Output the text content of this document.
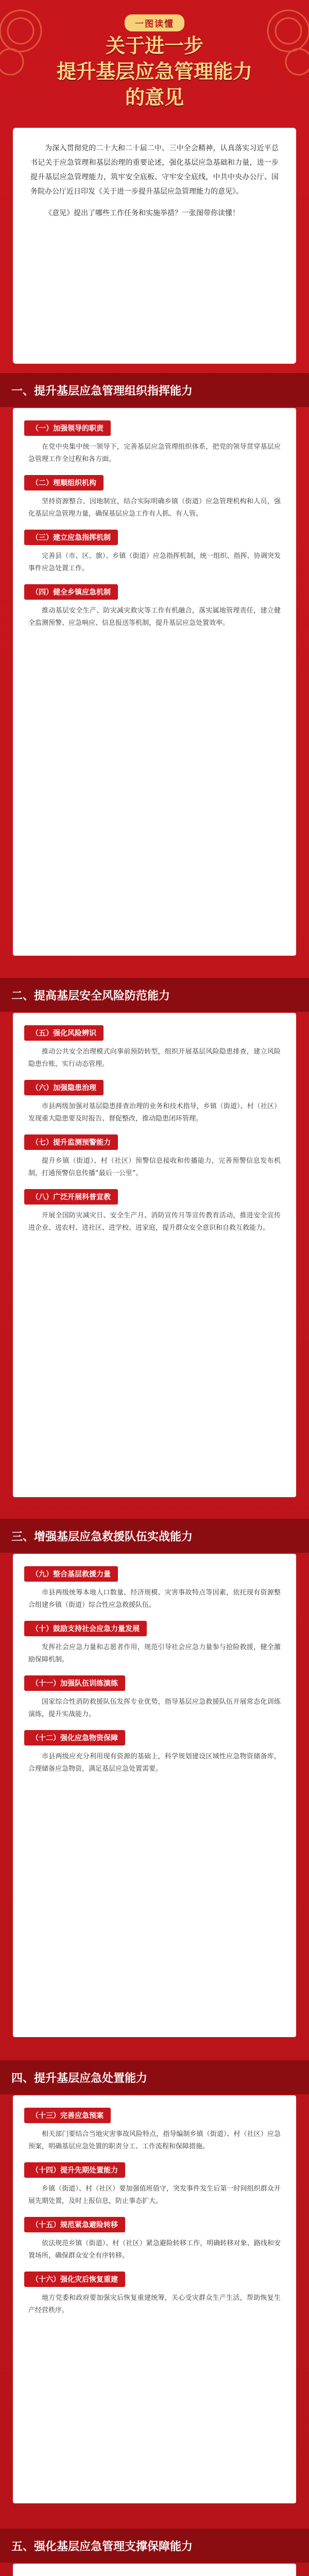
一图读懂
关于进一步
提升基层应急管理能力
的意见

为深入贯彻党的二十大和二十届二中、三中全会精神，认真落实习近平总书记关于应急管理和基层治理的重要论述，强化基层应急基础和力量，进一步提升基层应急管理能力，筑牢安全底板、守牢安全底线，中共中央办公厅、国务院办公厅近日印发《关于进一步提升基层应急管理能力的意见》。

《意见》提出了哪些工作任务和实施举措？一张图带你读懂！

一、提升基层应急管理组织指挥能力
（一）加强领导的职责

在党中央集中统一领导下，完善基层应急管理组织体系，把党的领导贯穿基层应急管理工作全过程和各方面。

（二）理顺组织机构

坚持资源整合、因地制宜，结合实际明确乡镇（街道）应急管理机构和人员，强化基层应急管理力量，确保基层应急工作有人抓、有人管。

（三）建立应急指挥机制

完善县（市、区、旗）、乡镇（街道）应急指挥机制，统一组织、指挥、协调突发事件应急处置工作。

（四）健全乡镇应急机制

推动基层安全生产、防灾减灾救灾等工作有机融合，落实属地管理责任，建立健全监测预警、应急响应、信息报送等机制，提升基层应急处置效率。

二、提高基层安全风险防范能力
（五）强化风险辨识

推动公共安全治理模式向事前预防转型，组织开展基层风险隐患排查，建立风险隐患台账，实行动态管理。

（六）加强隐患治理

市县两级加强对基层隐患排查治理的业务和技术指导，乡镇（街道）、村（社区）发现重大隐患要及时报告、督促整改，推动隐患闭环管理。

（七）提升监测预警能力

提升乡镇（街道）、村（社区）预警信息接收和传播能力，完善预警信息发布机制，打通预警信息传播“最后一公里”。

（八）广泛开展科普宣教

开展全国防灾减灾日、安全生产月、消防宣传月等宣传教育活动，推进安全宣传进企业、进农村、进社区、进学校、进家庭，提升群众安全意识和自救互救能力。

三、增强基层应急救援队伍实战能力
（九）整合基层救援力量

市县两级统筹本地人口数量、经济规模、灾害事故特点等因素，依托现有资源整合组建乡镇（街道）综合性应急救援队伍。

（十）鼓励支持社会应急力量发展

发挥社会应急力量和志愿者作用，规范引导社会应急力量参与抢险救援，健全激励保障机制。

（十一）加强队伍训练演练

国家综合性消防救援队伍发挥专业优势，指导基层应急救援队伍开展常态化训练演练，提升实战能力。

（十二）强化应急物资保障

市县两级应充分利用现有资源的基础上，科学规划建设区域性应急物资储备库，合理储备应急物资，满足基层应急处置需要。

四、提升基层应急处置能力
（十三）完善应急预案

相关部门要结合当地灾害事故风险特点，指导编制乡镇（街道）、村（社区）应急预案，明确基层应急处置的职责分工、工作流程和保障措施。

（十四）提升先期处置能力

乡镇（街道）、村（社区）要加强值班值守，突发事件发生后第一时间组织群众开展先期处置，及时上报信息，防止事态扩大。

（十五）规范紧急避险转移

依法规范乡镇（街道）、村（社区）紧急避险转移工作，明确转移对象、路线和安置场所，确保群众安全有序转移。

（十六）强化灾后恢复重建

地方党委和政府要加强灾后恢复重建统筹，关心受灾群众生产生活，帮助恢复生产经营秩序。

五、强化基层应急管理支撑保障能力
